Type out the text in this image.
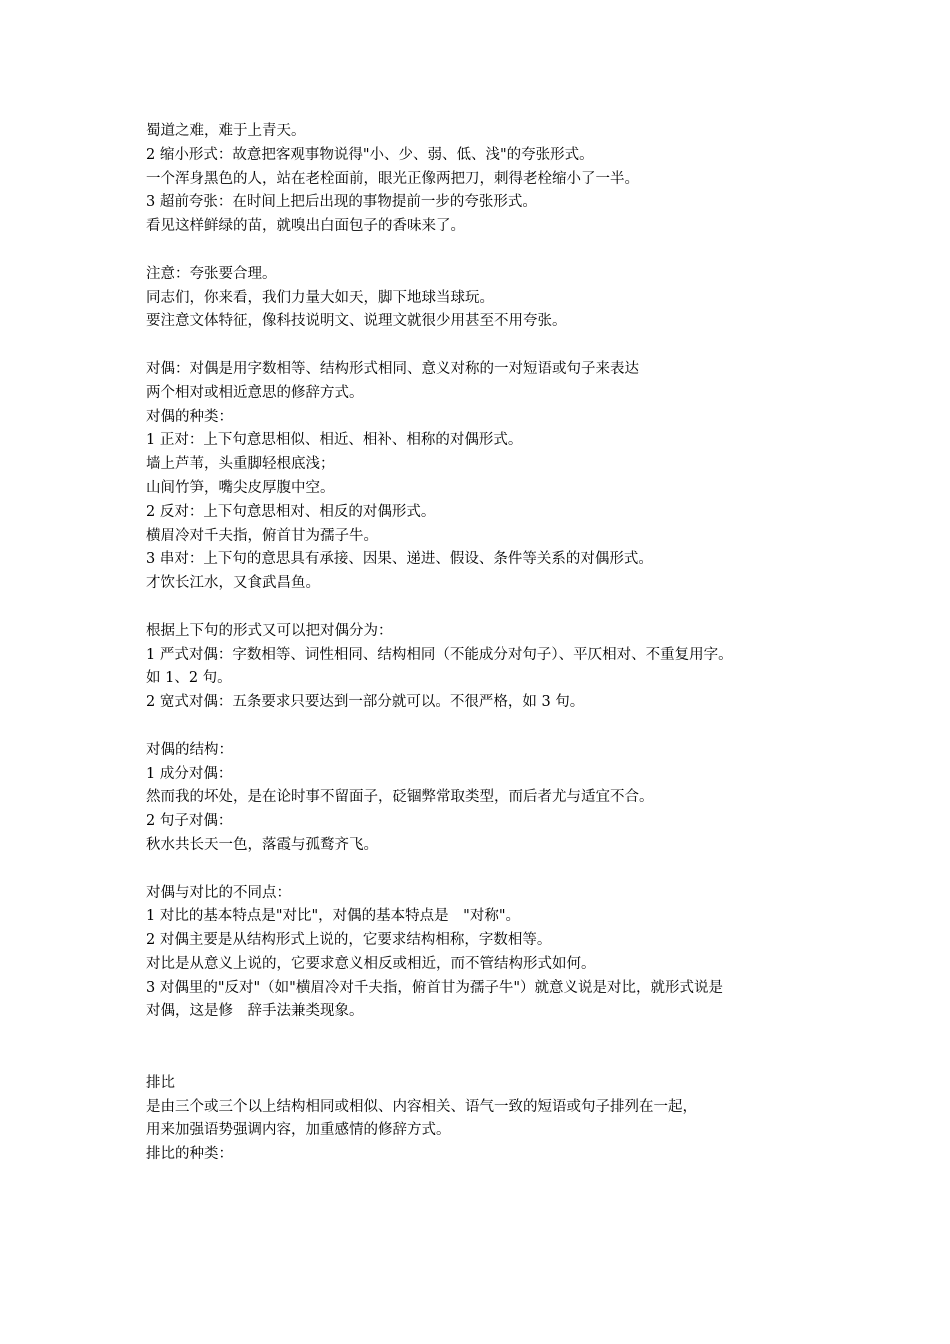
蜀道之难，难于上青天。
2 缩小形式：故意把客观事物说得"小、少、弱、低、浅"的夸张形式。
一个浑身黑色的人，站在老栓面前，眼光正像两把刀，刺得老栓缩小了一半。
3 超前夸张：在时间上把后出现的事物提前一步的夸张形式。
看见这样鲜绿的苗，就嗅出白面包子的香味来了。
注意：夸张要合理。
同志们，你来看，我们力量大如天，脚下地球当球玩。
要注意文体特征，像科技说明文、说理文就很少用甚至不用夸张。
对偶：对偶是用字数相等、结构形式相同、意义对称的一对短语或句子来表达
两个相对或相近意思的修辞方式。
对偶的种类：
1 正对：上下句意思相似、相近、相补、相称的对偶形式。
墙上芦苇，头重脚轻根底浅；
山间竹笋，嘴尖皮厚腹中空。
2 反对：上下句意思相对、相反的对偶形式。
横眉冷对千夫指，俯首甘为孺子牛。
3 串对：上下句的意思具有承接、因果、递进、假设、条件等关系的对偶形式。
才饮长江水，又食武昌鱼。
根据上下句的形式又可以把对偶分为：
1 严式对偶：字数相等、词性相同、结构相同（不能成分对句子）、平仄相对、不重复用字。
如 1、2 句。
2 宽式对偶：五条要求只要达到一部分就可以。不很严格，如 3 句。
对偶的结构：
1 成分对偶：
然而我的坏处，是在论时事不留面子，砭锢弊常取类型，而后者尤与适宜不合。
2 句子对偶：
秋水共长天一色，落霞与孤鹜齐飞。
对偶与对比的不同点：
1 对比的基本特点是"对比"，对偶的基本特点是　"对称"。
2 对偶主要是从结构形式上说的，它要求结构相称，字数相等。
对比是从意义上说的，它要求意义相反或相近，而不管结构形式如何。
3 对偶里的"反对"（如"横眉冷对千夫指，俯首甘为孺子牛"）就意义说是对比，就形式说是
对偶，这是修　辞手法兼类现象。
排比
是由三个或三个以上结构相同或相似、内容相关、语气一致的短语或句子排列在一起，
用来加强语势强调内容，加重感情的修辞方式。
排比的种类：
